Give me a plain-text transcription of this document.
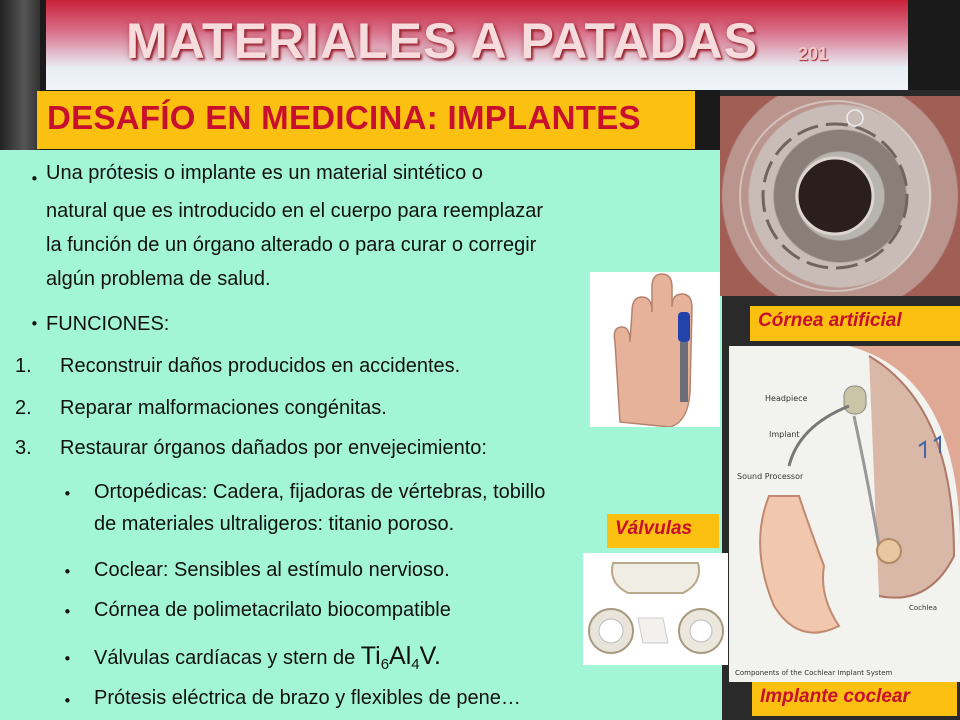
MATERIALES A PATADAS 201
DESAFÍO EN MEDICINA: IMPLANTES
• Una prótesis o implante es un material sintético o
natural que es introducido en el cuerpo para reemplazar
la función de un órgano alterado o para curar o corregir
algún problema de salud.
• FUNCIONES:
1. Reconstruir daños producidos en accidentes.
2. Reparar malformaciones congénitas.
3. Restaurar órganos dañados por envejecimiento:
• Ortopédicas: Cadera, fijadoras de vértebras, tobillo
de materiales ultraligeros: titanio poroso.
• Coclear: Sensibles al estímulo nervioso.
• Córnea de polimetacrilato biocompatible
• Válvulas cardíacas y stern de $Ti_6Al_4V$.
• Prótesis eléctrica de brazo y flexibles de pene…
Córnea artificial
Headpiece
Implant
Sound Processor
Cochlea
Components of the Cochlear Implant System
Implante coclear
Válvulas
